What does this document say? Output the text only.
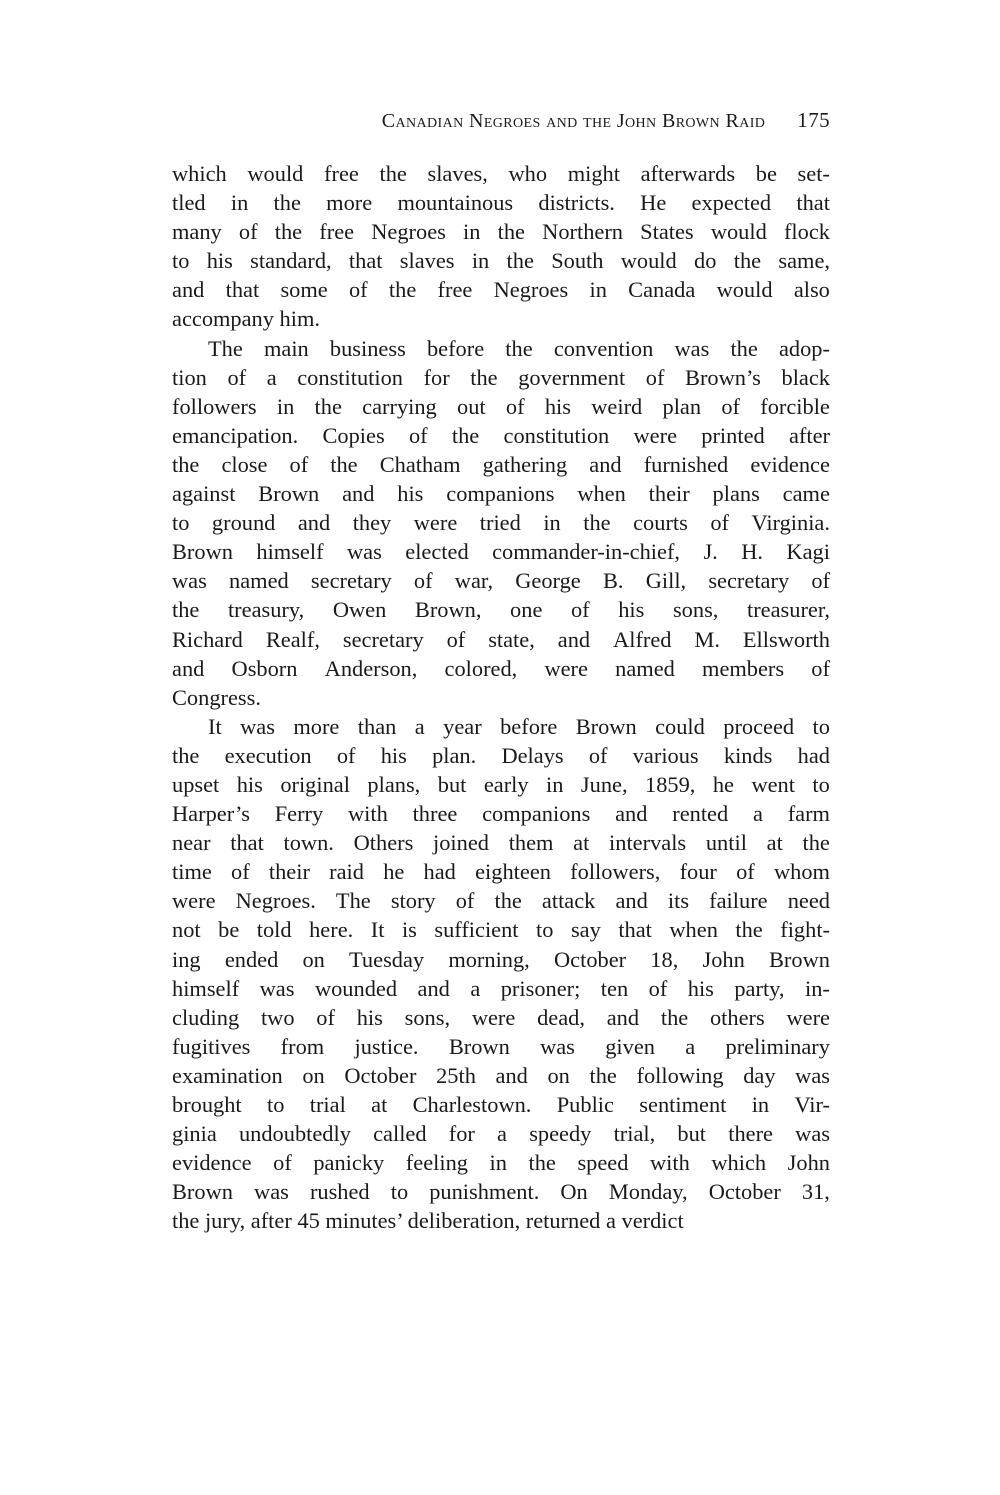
Canadian Negroes and the John Brown Raid 175
which would free the slaves, who might afterwards be set-
tled in the more mountainous districts. He expected that
many of the free Negroes in the Northern States would flock
to his standard, that slaves in the South would do the same,
and that some of the free Negroes in Canada would also
accompany him.
The main business before the convention was the adop-
tion of a constitution for the government of Brown’s black
followers in the carrying out of his weird plan of forcible
emancipation. Copies of the constitution were printed after
the close of the Chatham gathering and furnished evidence
against Brown and his companions when their plans came
to ground and they were tried in the courts of Virginia.
Brown himself was elected commander-in-chief, J. H. Kagi
was named secretary of war, George B. Gill, secretary of
the treasury, Owen Brown, one of his sons, treasurer,
Richard Realf, secretary of state, and Alfred M. Ellsworth
and Osborn Anderson, colored, were named members of
Congress.
It was more than a year before Brown could proceed to
the execution of his plan. Delays of various kinds had
upset his original plans, but early in June, 1859, he went to
Harper’s Ferry with three companions and rented a farm
near that town. Others joined them at intervals until at the
time of their raid he had eighteen followers, four of whom
were Negroes. The story of the attack and its failure need
not be told here. It is sufficient to say that when the fight-
ing ended on Tuesday morning, October 18, John Brown
himself was wounded and a prisoner; ten of his party, in-
cluding two of his sons, were dead, and the others were
fugitives from justice. Brown was given a preliminary
examination on October 25th and on the following day was
brought to trial at Charlestown. Public sentiment in Vir-
ginia undoubtedly called for a speedy trial, but there was
evidence of panicky feeling in the speed with which John
Brown was rushed to punishment. On Monday, October 31,
the jury, after 45 minutes’ deliberation, returned a verdict
